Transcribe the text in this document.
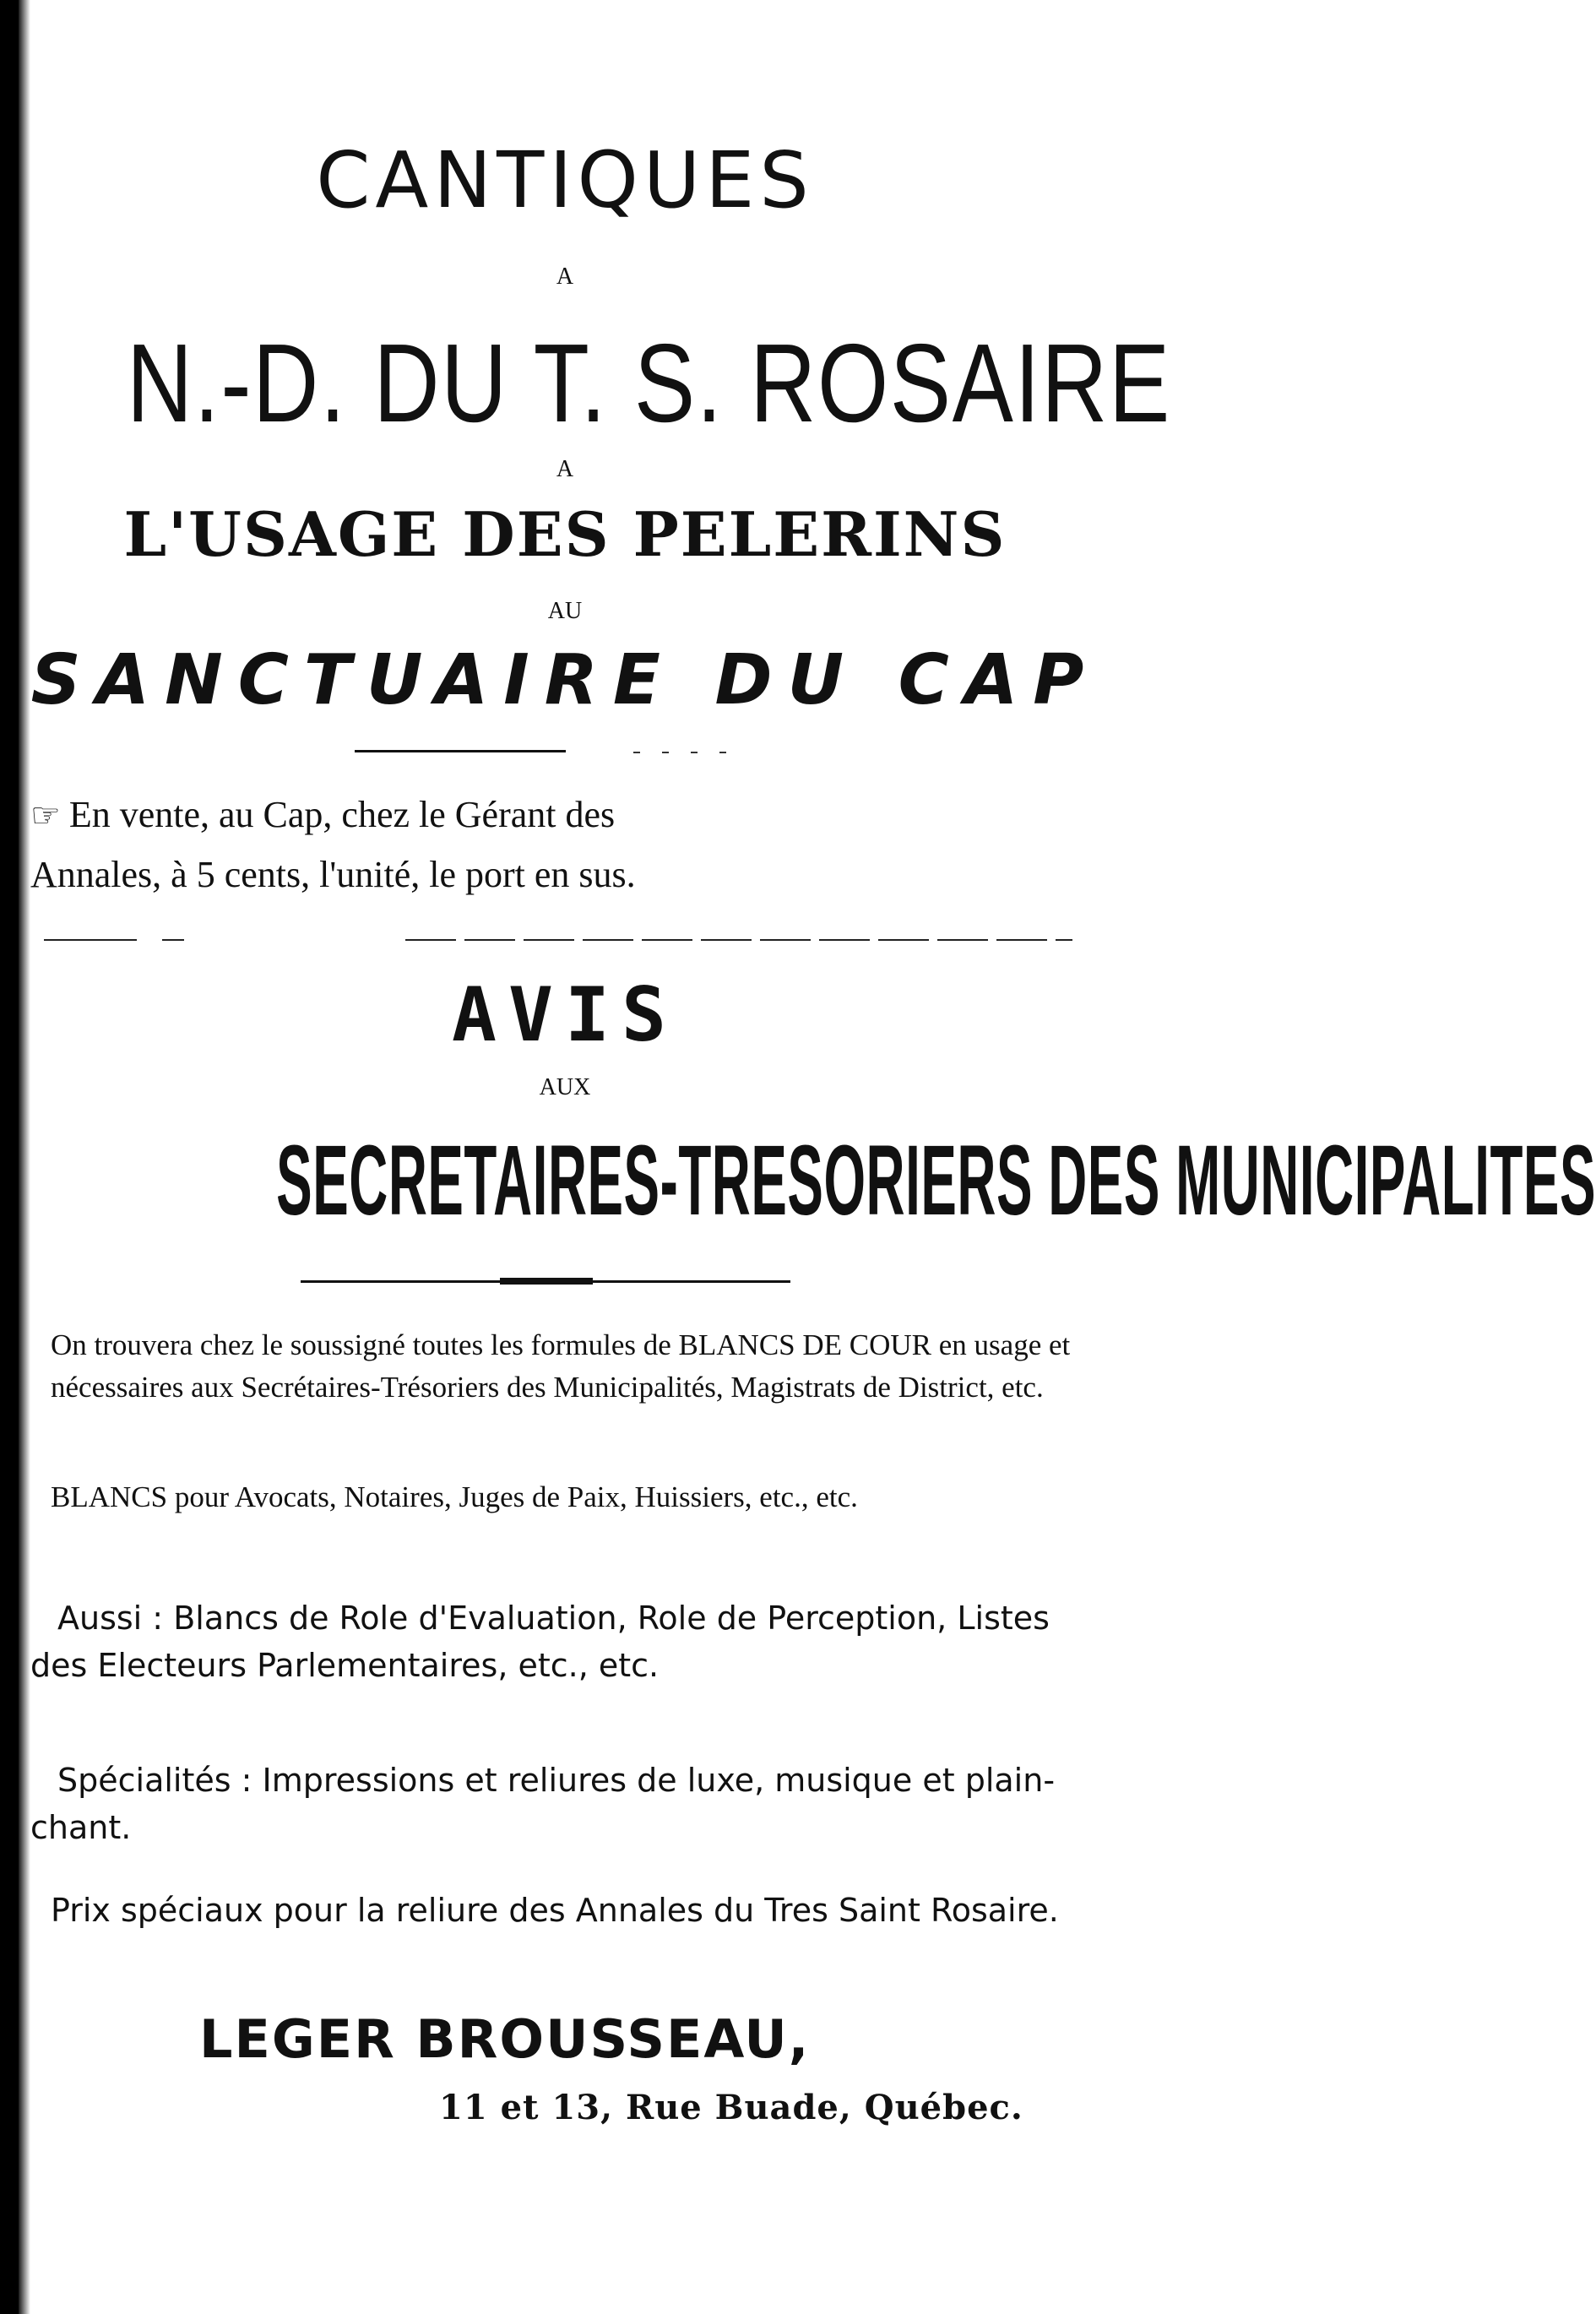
CANTIQUES
A
N.-D. DU T. S. ROSAIRE
A
L'USAGE DES PELERINS
AU
SANCTUAIRE DU CAP
☞ En vente, au Cap, chez le Gérant des
Annales, à 5 cents, l'unité, le port en sus.
AVIS
AUX
SECRETAIRES-TRESORIERS DES MUNICIPALITES
On trouvera chez le soussigné toutes les formules de BLANCS DE COUR en usage et nécessaires aux Secrétaires-Trésoriers des Municipalités, Magistrats de District, etc.
BLANCS pour Avocats, Notaires, Juges de Paix, Huissiers, etc., etc.
Aussi : Blancs de Role d'Evaluation, Role de Perception, Listes des Electeurs Parlementaires, etc., etc.
Spécialités : Impressions et reliures de luxe, musique et plain-chant.
Prix spéciaux pour la reliure des Annales du Tres Saint Rosaire.
LEGER BROUSSEAU,
11 et 13, Rue Buade, Québec.
